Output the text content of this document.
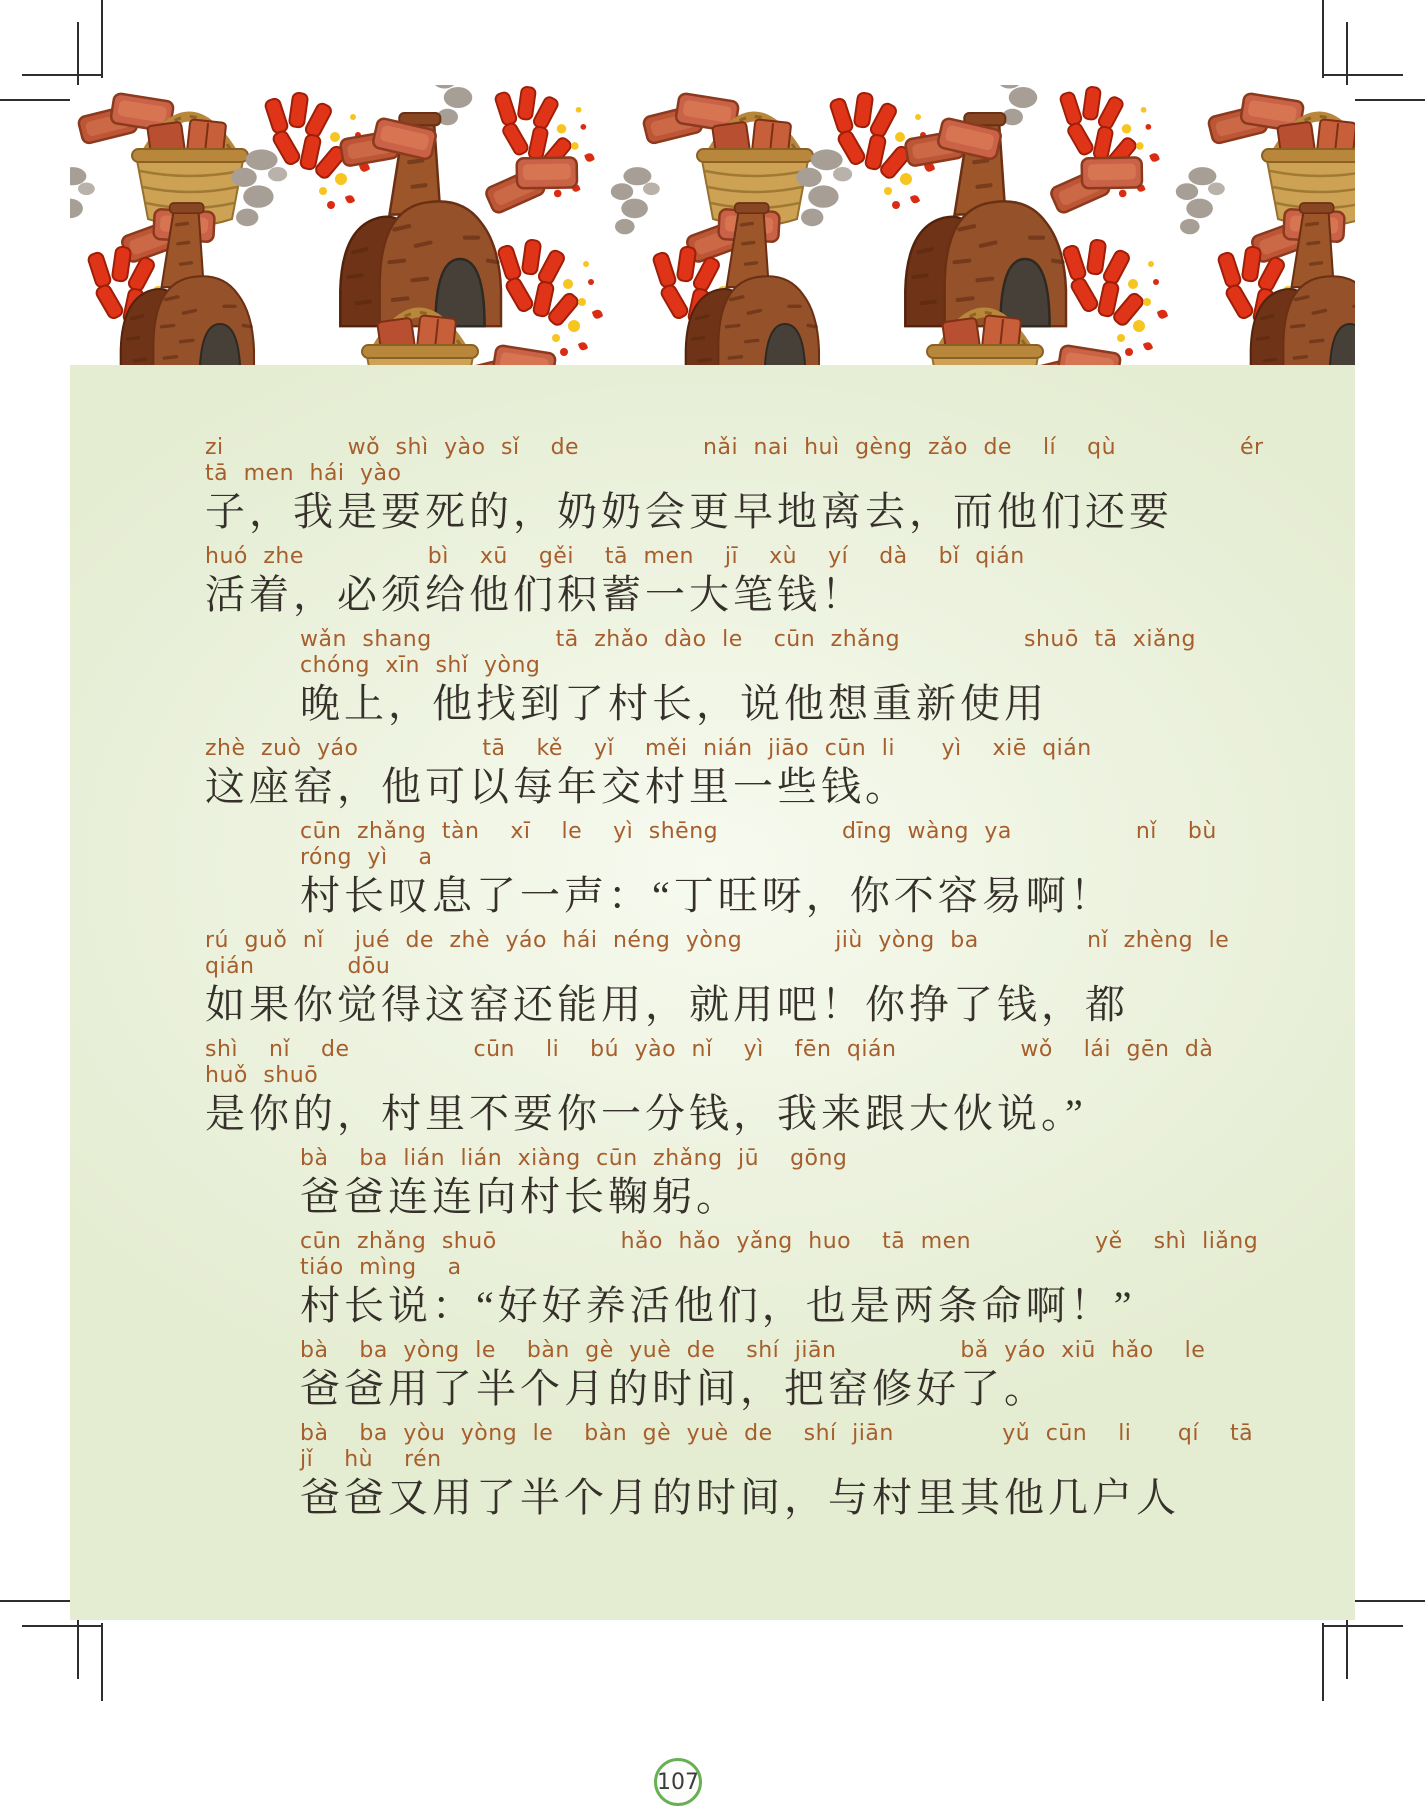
zi        wǒ shì yào sǐ  de        nǎi nai huì gèng zǎo de  lí  qù        ér  tā men hái yào
子，我是要死的，奶奶会更早地离去，而他们还要
huó zhe        bì  xū  gěi  tā men  jī  xù  yí  dà  bǐ qián
活着，必须给他们积蓄一大笔钱！
wǎn shang        tā zhǎo dào le  cūn zhǎng        shuō tā xiǎng chóng xīn shǐ yòng
晚上，他找到了村长，说他想重新使用
zhè zuò yáo        tā  kě  yǐ  měi nián jiāo cūn li   yì  xiē qián
这座窑，他可以每年交村里一些钱。
cūn zhǎng tàn  xī  le  yì shēng        dīng wàng ya        nǐ  bù róng yì  a
村长叹息了一声：“丁旺呀，你不容易啊！
rú guǒ nǐ  jué de zhè yáo hái néng yòng      jiù yòng ba       nǐ zhèng le qián      dōu
如果你觉得这窑还能用，就用吧！你挣了钱，都
shì  nǐ  de        cūn  li  bú yào nǐ  yì  fēn qián        wǒ  lái gēn dà huǒ shuō
是你的，村里不要你一分钱，我来跟大伙说。”
bà  ba lián lián xiàng cūn zhǎng jū  gōng
爸爸连连向村长鞠躬。
cūn zhǎng shuō        hǎo hǎo yǎng huo  tā men        yě  shì liǎng tiáo mìng  a
村长说：“好好养活他们，也是两条命啊！”
bà  ba yòng le  bàn gè yuè de  shí jiān        bǎ yáo xiū hǎo  le
爸爸用了半个月的时间，把窑修好了。
bà  ba yòu yòng le  bàn gè yuè de  shí jiān       yǔ cūn  li   qí  tā  jǐ  hù  rén
爸爸又用了半个月的时间，与村里其他几户人
107
